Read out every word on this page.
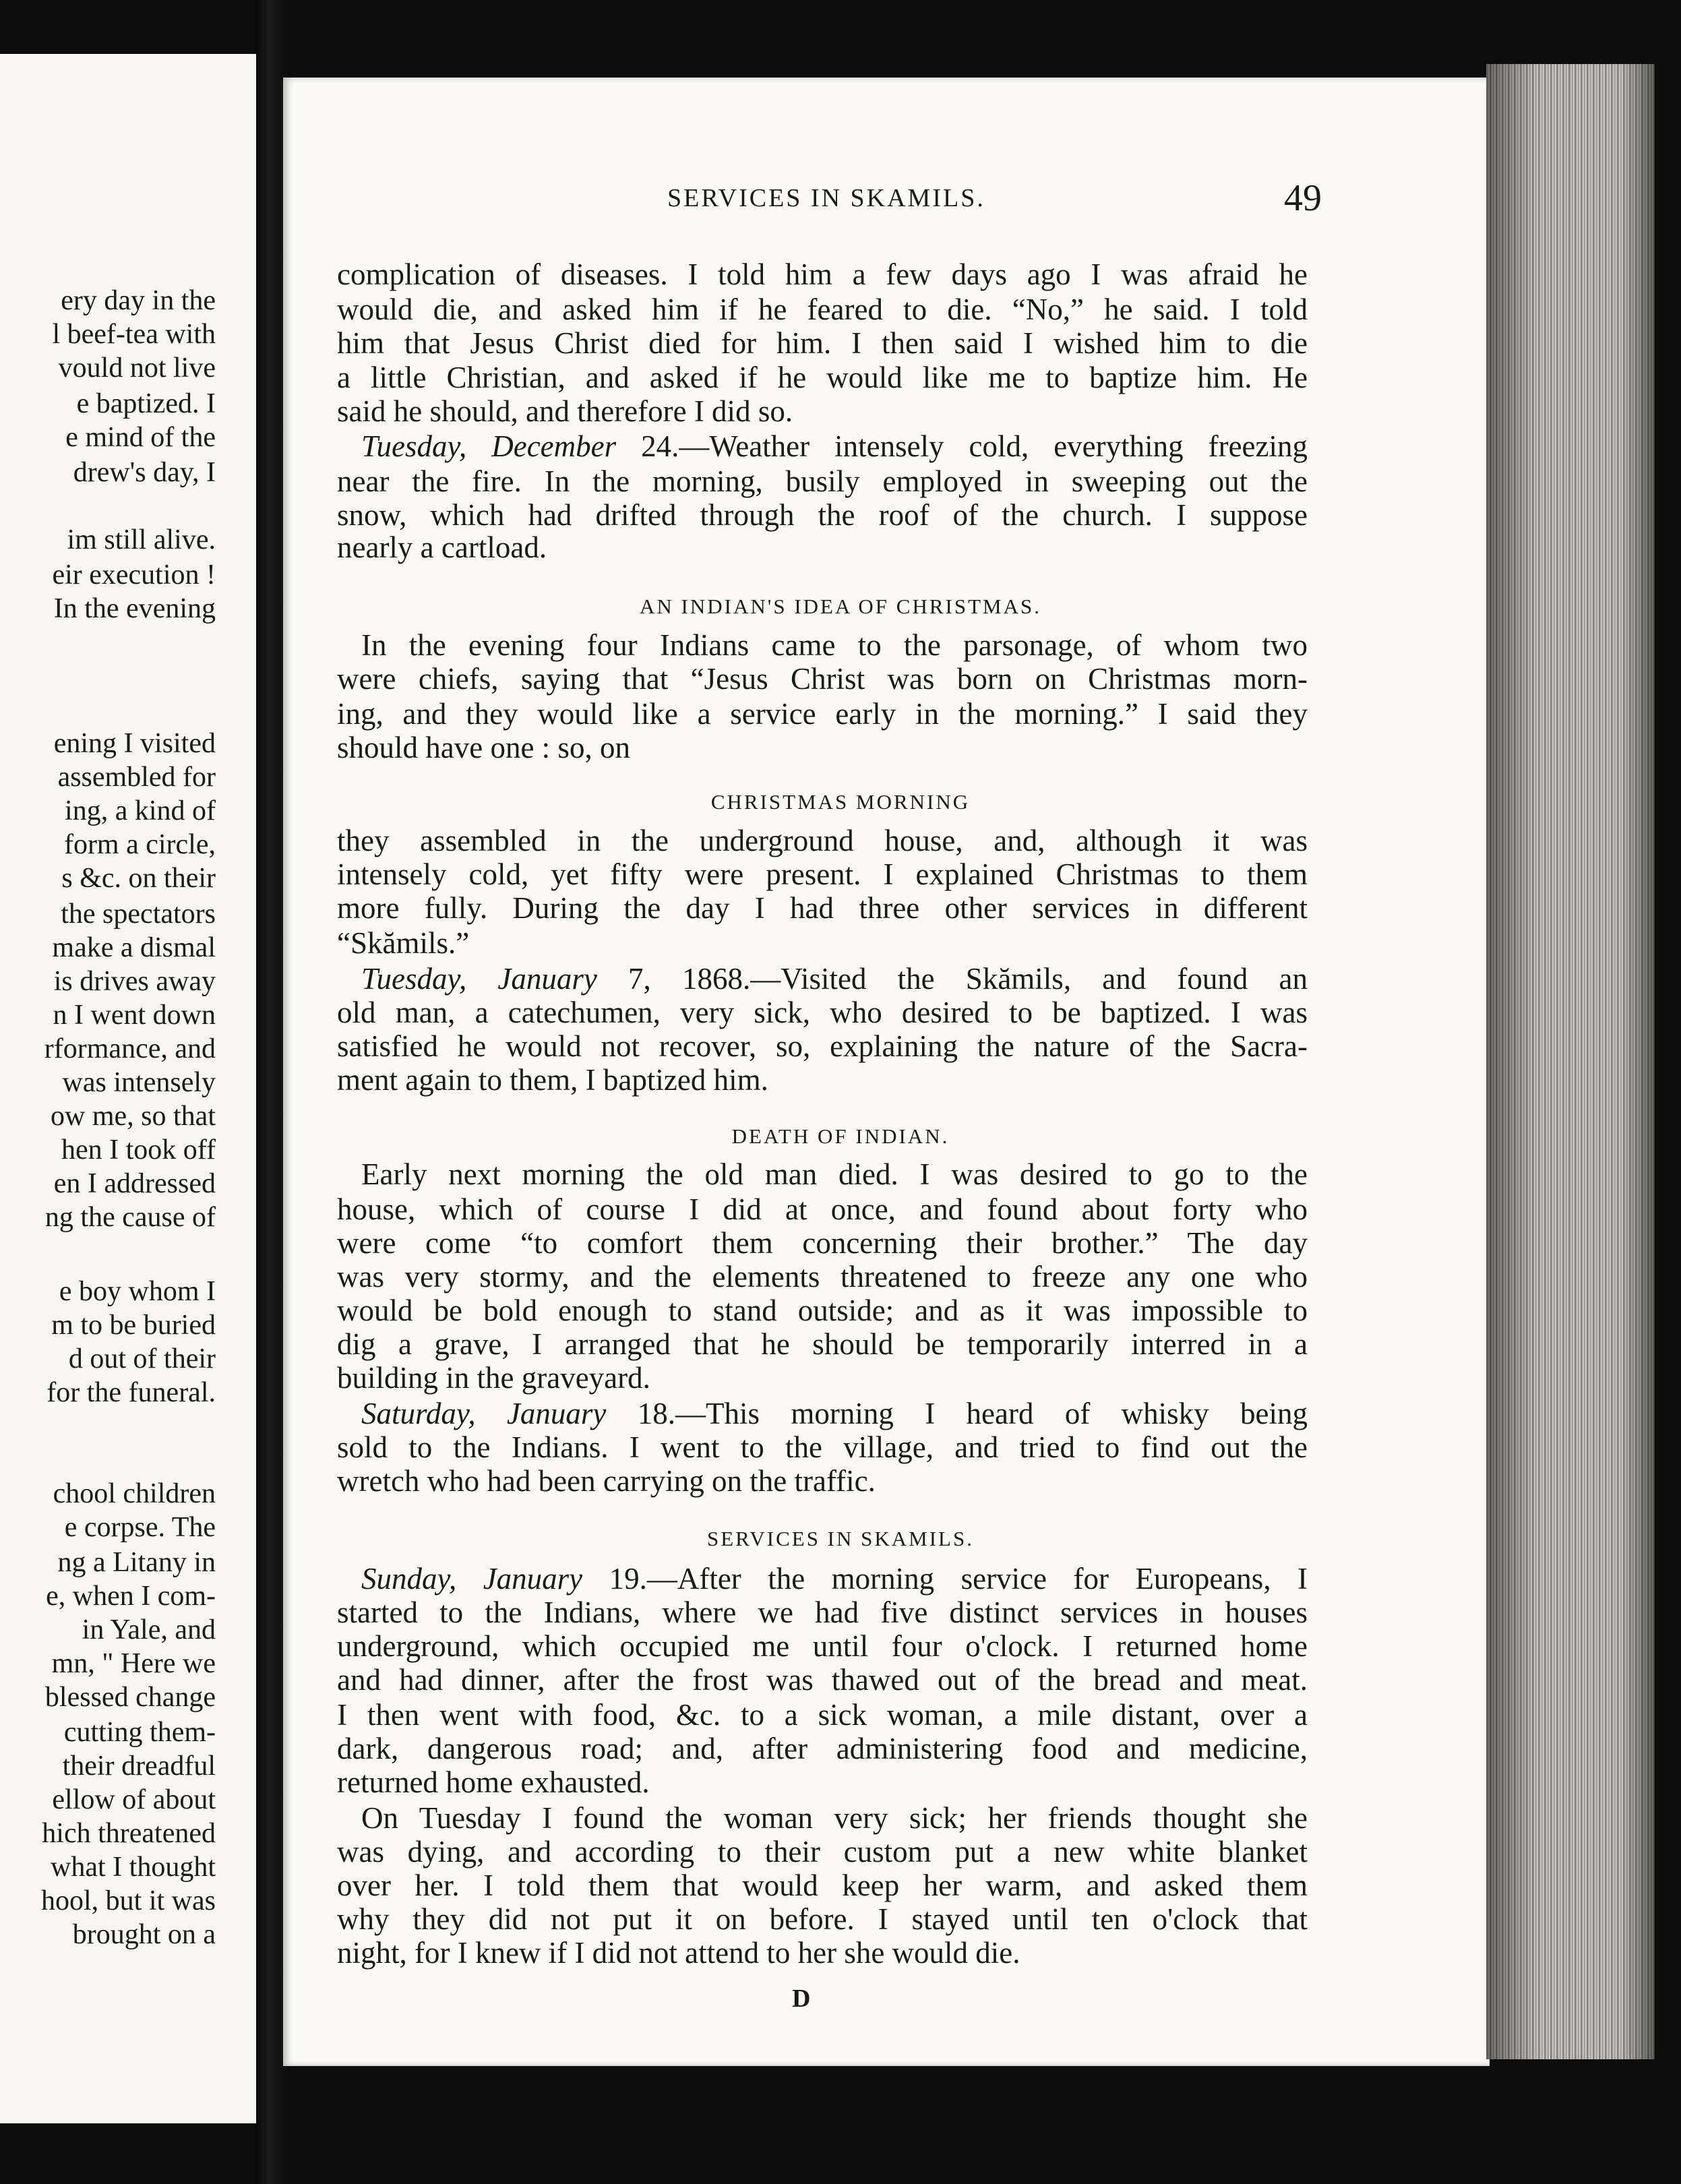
ery day in the
l beef-tea with
vould not live
e baptized. I
e mind of the
drew's day, I
im still alive.
eir execution !
In the evening
ening I visited
assembled for
ing, a kind of
form a circle,
s &c. on their
the spectators
make a dismal
is drives away
n I went down
rformance, and
was intensely
ow me, so that
hen I took off
en I addressed
ng the cause of
e boy whom I
m to be buried
d out of their
for the funeral.
chool children
e corpse. The
ng a Litany in
e, when I com-
in Yale, and
mn, " Here we
blessed change
cutting them-
their dreadful
ellow of about
hich threatened
what I thought
hool, but it was
brought on a
SERVICES IN SKAMILS.	49
D
complication of diseases. I told him a few days ago I was afraid he
would die, and asked him if he feared to die. “No,” he said. I told
him that Jesus Christ died for him. I then said I wished him to die
a little Christian, and asked if he would like me to baptize him. He
said he should, and therefore I did so.
Tuesday, December 24.—Weather intensely cold, everything freezing
near the fire. In the morning, busily employed in sweeping out the
snow, which had drifted through the roof of the church. I suppose
nearly a cartload.
AN INDIAN'S IDEA OF CHRISTMAS.
In the evening four Indians came to the parsonage, of whom two
were chiefs, saying that “Jesus Christ was born on Christmas morn-
ing, and they would like a service early in the morning.” I said they
should have one : so, on
CHRISTMAS MORNING
they assembled in the underground house, and, although it was
intensely cold, yet fifty were present. I explained Christmas to them
more fully. During the day I had three other services in different
“Skămils.”
Tuesday, January 7, 1868.—Visited the Skămils, and found an
old man, a catechumen, very sick, who desired to be baptized. I was
satisfied he would not recover, so, explaining the nature of the Sacra-
ment again to them, I baptized him.
DEATH OF INDIAN.
Early next morning the old man died. I was desired to go to the
house, which of course I did at once, and found about forty who
were come “to comfort them concerning their brother.” The day
was very stormy, and the elements threatened to freeze any one who
would be bold enough to stand outside; and as it was impossible to
dig a grave, I arranged that he should be temporarily interred in a
building in the graveyard.
Saturday, January 18.—This morning I heard of whisky being
sold to the Indians. I went to the village, and tried to find out the
wretch who had been carrying on the traffic.
SERVICES IN SKAMILS.
Sunday, January 19.—After the morning service for Europeans, I
started to the Indians, where we had five distinct services in houses
underground, which occupied me until four o'clock. I returned home
and had dinner, after the frost was thawed out of the bread and meat.
I then went with food, &c. to a sick woman, a mile distant, over a
dark, dangerous road; and, after administering food and medicine,
returned home exhausted.
On Tuesday I found the woman very sick; her friends thought she
was dying, and according to their custom put a new white blanket
over her. I told them that would keep her warm, and asked them
why they did not put it on before. I stayed until ten o'clock that
night, for I knew if I did not attend to her she would die.
